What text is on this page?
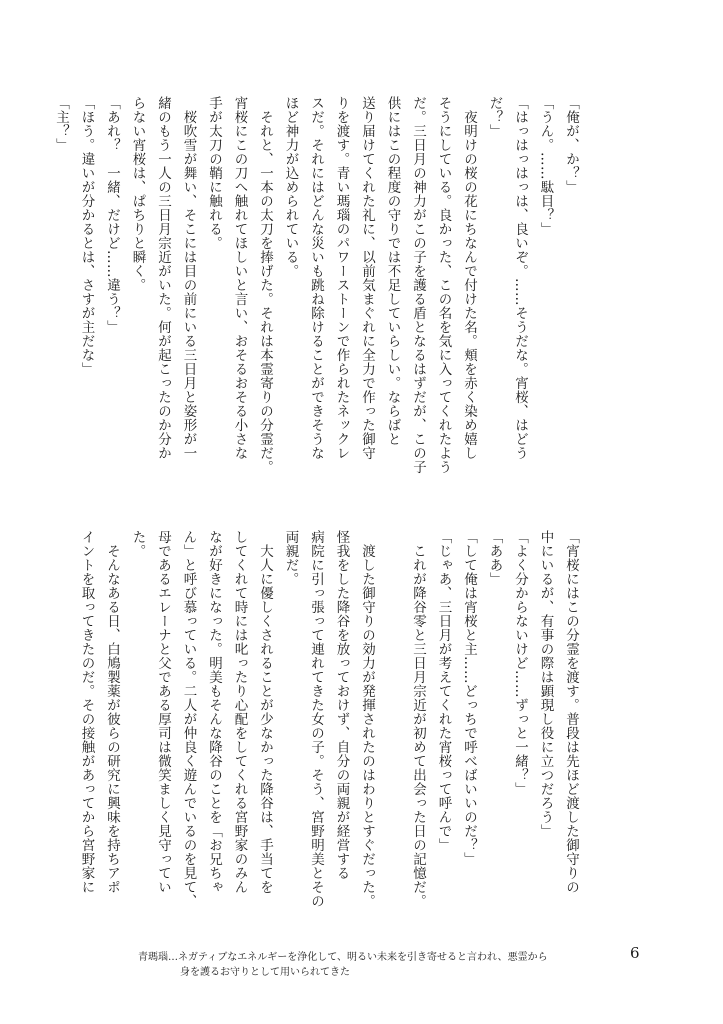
「俺が、か？」
「うん。……駄目？」
「はっはっはっは、良いぞ。……そうだな。宵桜、はどう
だ？」
　夜明けの桜の花にちなんで付けた名。頬を赤く染め嬉し
そうにしている。良かった、この名を気に入ってくれたよう
だ。三日月の神力がこの子を護る盾となるはずだが、この子
供にはこの程度の守りでは不足していらしい。ならばと
送り届けてくれた礼に、以前気まぐれに全力で作った御守
りを渡す。青い瑪瑙のパワーストーンで作られたネックレ
スだ。それにはどんな災いも跳ね除けることができそうな
ほど神力が込められている。
　それと、一本の太刀を捧げた。それは本霊寄りの分霊だ。
宵桜にこの刀へ触れてほしいと言い、おそるおそる小さな
手が太刀の鞘に触れる。
　桜吹雪が舞い、そこには目の前にいる三日月と姿形が一
緒のもう一人の三日月宗近がいた。何が起こったのか分か
らない宵桜は、ぱちりと瞬く。
「あれ？　一緒、だけど……違う？」
「ほう。違いが分かるとは、さすが主だな」
「主？」
「宵桜にはこの分霊を渡す。普段は先ほど渡した御守りの
中にいるが、有事の際は顕現し役に立つだろう」
「よく分からないけど……ずっと一緒？」
「ああ」
「して俺は宵桜と主……どっちで呼べばいいのだ？」
「じゃあ、三日月が考えてくれた宵桜って呼んで」
　これが降谷零と三日月宗近が初めて出会った日の記憶だ。

　渡した御守りの効力が発揮されたのはわりとすぐだった。
怪我をした降谷を放っておけず、自分の両親が経営する
病院に引っ張って連れてきた女の子。そう、宮野明美とその
両親だ。
　大人に優しくされることが少なかった降谷は、手当てを
してくれて時には叱ったり心配をしてくれる宮野家のみん
なが好きになった。明美もそんな降谷のことを「お兄ちゃ
ん」と呼び慕っている。二人が仲良く遊んでいるのを見て、
母であるエレーナと父である厚司は微笑ましく見守ってい
た。
　そんなある日、白鳩製薬が彼らの研究に興味を持ちアポ
イントを取ってきたのだ。その接触があってから宮野家に
青瑪瑙…ネガティブなエネルギーを浄化して、明るい未来を引き寄せると言われ、悪霊から
身を護るお守りとして用いられてきた
6
